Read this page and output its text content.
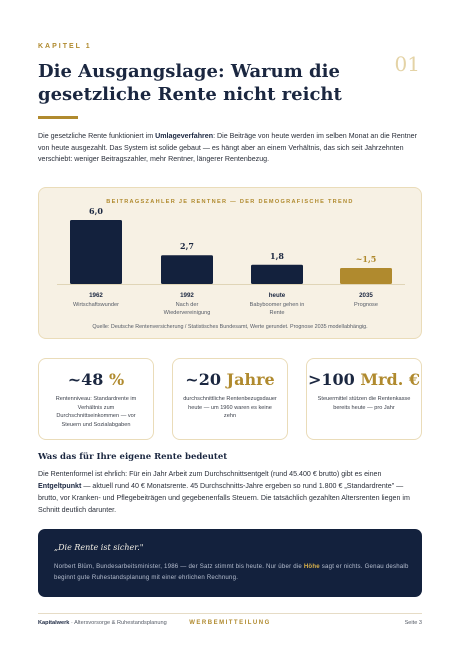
KAPITEL 1
01
Die Ausgangslage: Warum die gesetzliche Rente nicht reicht

Die gesetzliche Rente funktioniert im Umlageverfahren: Die Beiträge von heute werden im selben Monat an die Rentner von heute ausgezahlt. Das System ist solide gebaut — es hängt aber an einem Verhältnis, das sich seit Jahrzehnten verschiebt: weniger Beitragszahler, mehr Rentner, längerer Rentenbezug.

BEITRAGSZAHLER JE RENTNER — DER DEMOGRAFISCHE TREND
6,0
1962
Wirtschaftswunder
2,7
1992
Nach der
Wiedervereinigung
1,8
heute
Babyboomer gehen in
Rente
~1,5
2035
Prognose
Quelle: Deutsche Rentenversicherung / Statistisches Bundesamt, Werte gerundet. Prognose 2035 modellabhängig.
~48 %
Rentenniveau: Standardrente im Verhältnis zum Durchschnittseinkommen — vor Steuern und Sozialabgaben
~20 Jahre
durchschnittliche Rentenbezugsdauer heute — um 1960 waren es keine zehn
>100 Mrd. €
Steuermittel stützen die Rentenkasse bereits heute — pro Jahr
Was das für Ihre eigene Rente bedeutet

Die Rentenformel ist ehrlich: Für ein Jahr Arbeit zum Durchschnittsentgelt (rund 45.400 € brutto) gibt es einen Entgeltpunkt — aktuell rund 40 € Monatsrente. 45 Durchschnitts-Jahre ergeben so rund 1.800 € „Standardrente" — brutto, vor Kranken- und Pflegebeiträgen und gegebenenfalls Steuern. Die tatsächlich gezahlten Altersrenten liegen im Schnitt deutlich darunter.

„Die Rente ist sicher."
Norbert Blüm, Bundesarbeitsminister, 1986 — der Satz stimmt bis heute. Nur über die Höhe sagt er nichts. Genau deshalb beginnt gute Ruhestandsplanung mit einer ehrlichen Rechnung.
Kapitalwerk · Altersvorsorge & Ruhestandsplanung	WERBEMITTEILUNG	Seite 3
